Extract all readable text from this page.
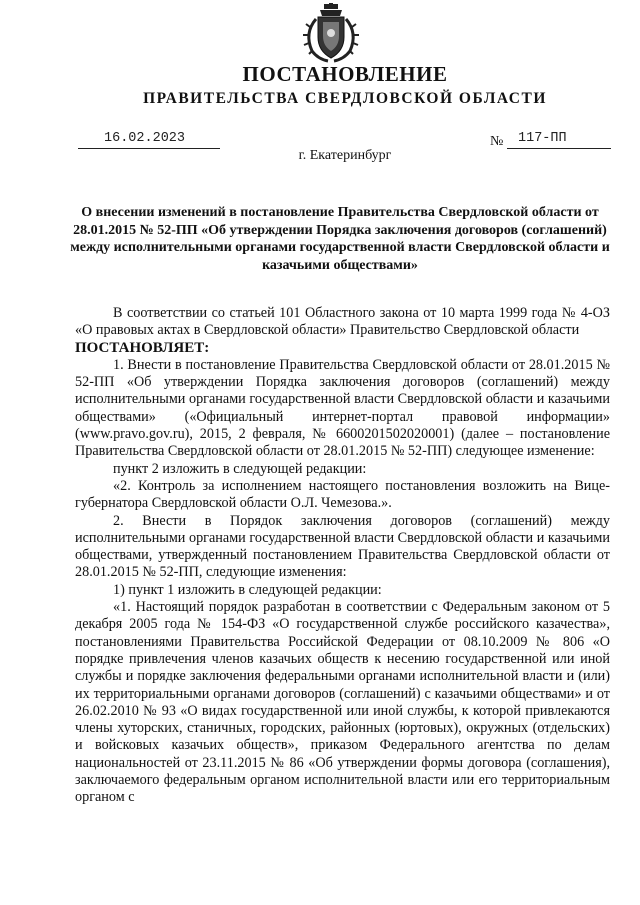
ПОСТАНОВЛЕНИЕ
ПРАВИТЕЛЬСТВА СВЕРДЛОВСКОЙ ОБЛАСТИ
16.02.2023	№ 117-ПП
г. Екатеринбург
О внесении изменений в постановление Правительства Свердловской области от 28.01.2015 № 52-ПП «Об утверждении Порядка заключения договоров (соглашений) между исполнительными органами государственной власти Свердловской области и казачьими обществами»

В соответствии со статьей 101 Областного закона от 10 марта 1999 года № 4-ОЗ «О правовых актах в Свердловской области» Правительство Свердловской области

ПОСТАНОВЛЯЕТ:

1. Внести в постановление Правительства Свердловской области от 28.01.2015 № 52-ПП «Об утверждении Порядка заключения договоров (соглашений) между исполнительными органами государственной власти Свердловской области и казачьими обществами» («Официальный интернет-портал правовой информации» (www.pravo.gov.ru), 2015, 2 февраля, № 6600201502020001) (далее – постановление Правительства Свердловской области от 28.01.2015 № 52-ПП) следующее изменение:

пункт 2 изложить в следующей редакции:

«2. Контроль за исполнением настоящего постановления возложить на Вице-губернатора Свердловской области О.Л. Чемезова.».

2. Внести в Порядок заключения договоров (соглашений) между исполнительными органами государственной власти Свердловской области и казачьими обществами, утвержденный постановлением Правительства Свердловской области от 28.01.2015 № 52-ПП, следующие изменения:

1) пункт 1 изложить в следующей редакции:

«1. Настоящий порядок разработан в соответствии с Федеральным законом от 5 декабря 2005 года № 154-ФЗ «О государственной службе российского казачества», постановлениями Правительства Российской Федерации от 08.10.2009 № 806 «О порядке привлечения членов казачьих обществ к несению государственной или иной службы и порядке заключения федеральными органами исполнительной власти и (или) их территориальными органами договоров (соглашений) с казачьими обществами» и от 26.02.2010 № 93 «О видах государственной или иной службы, к которой привлекаются члены хуторских, станичных, городских, районных (юртовых), окружных (отдельских) и войсковых казачьих обществ», приказом Федерального агентства по делам национальностей от 23.11.2015 № 86 «Об утверждении формы договора (соглашения), заключаемого федеральным органом исполнительной власти или его территориальным органом с
